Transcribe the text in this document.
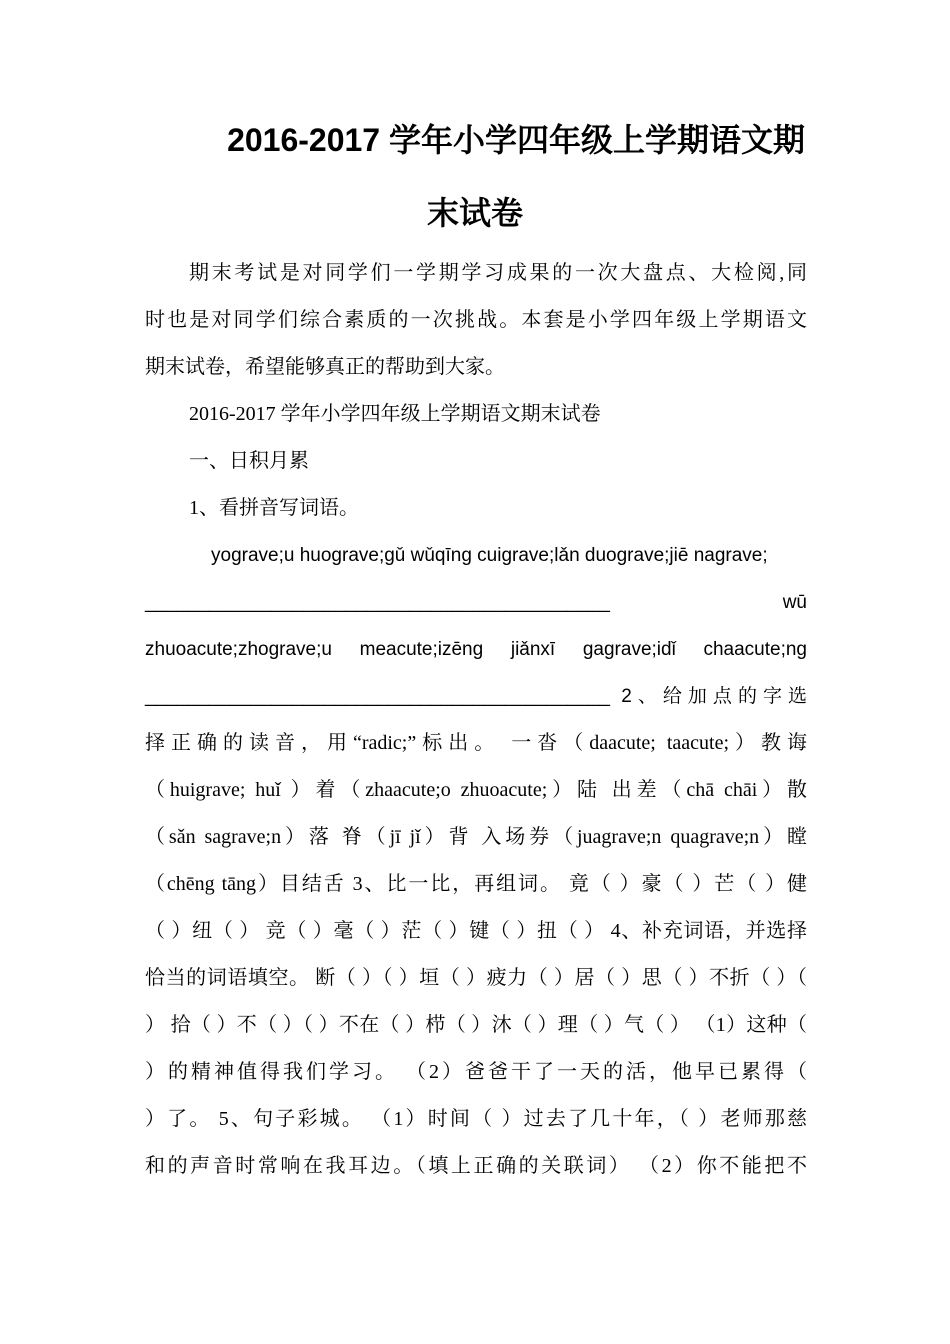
2016-2017 学年小学四年级上学期语文期
末试卷

期末考试是对同学们一学期学习成果的一次大盘点、大检阅,同

时也是对同学们综合素质的一次挑战。本套是小学四年级上学期语文

期末试卷，希望能够真正的帮助到大家。

2016-2017 学年小学四年级上学期语文期末试卷

一、日积月累

1、看拼音写词语。

yograve;u huograve;gǔ wǔqīng cuigrave;lǎn duograve;jiē nagrave;

____________________________________________ wū

zhuoacute;zhograve;u meacute;izēng jiǎnxī gagrave;idǐ chaacute;ng

____________________________________________ 2、给加点的字选

择正确的读音，用“radic;”标出。 一沓（daacute; taacute;）教诲

（huigrave; huǐ ）着（zhaacute;o zhuoacute;）陆 出差（chā chāi）散

（sǎn sagrave;n）落 脊（jī jǐ）背 入场券（juagrave;n quagrave;n）瞠

（chēng tāng）目结舌 3、比一比，再组词。 竟（ ）豪（ ）芒（ ）健

（ ）纽（ ） 竞（ ）毫（ ）茫（ ）键（ ）扭（ ） 4、补充词语，并选择

恰当的词语填空。 断（ ）（ ）垣（ ）疲力（ ）居（ ）思（ ）不折（ ）（

） 拾（ ）不（ ）（ ）不在（ ）栉（ ）沐（ ）理（ ）气（ ） （1）这种（

）的精神值得我们学习。 （2）爸爸干了一天的活，他早已累得（

）了。 5、句子彩城。 （1）时间（ ）过去了几十年，（ ）老师那慈

和的声音时常响在我耳边。（填上正确的关联词） （2）你不能把不
